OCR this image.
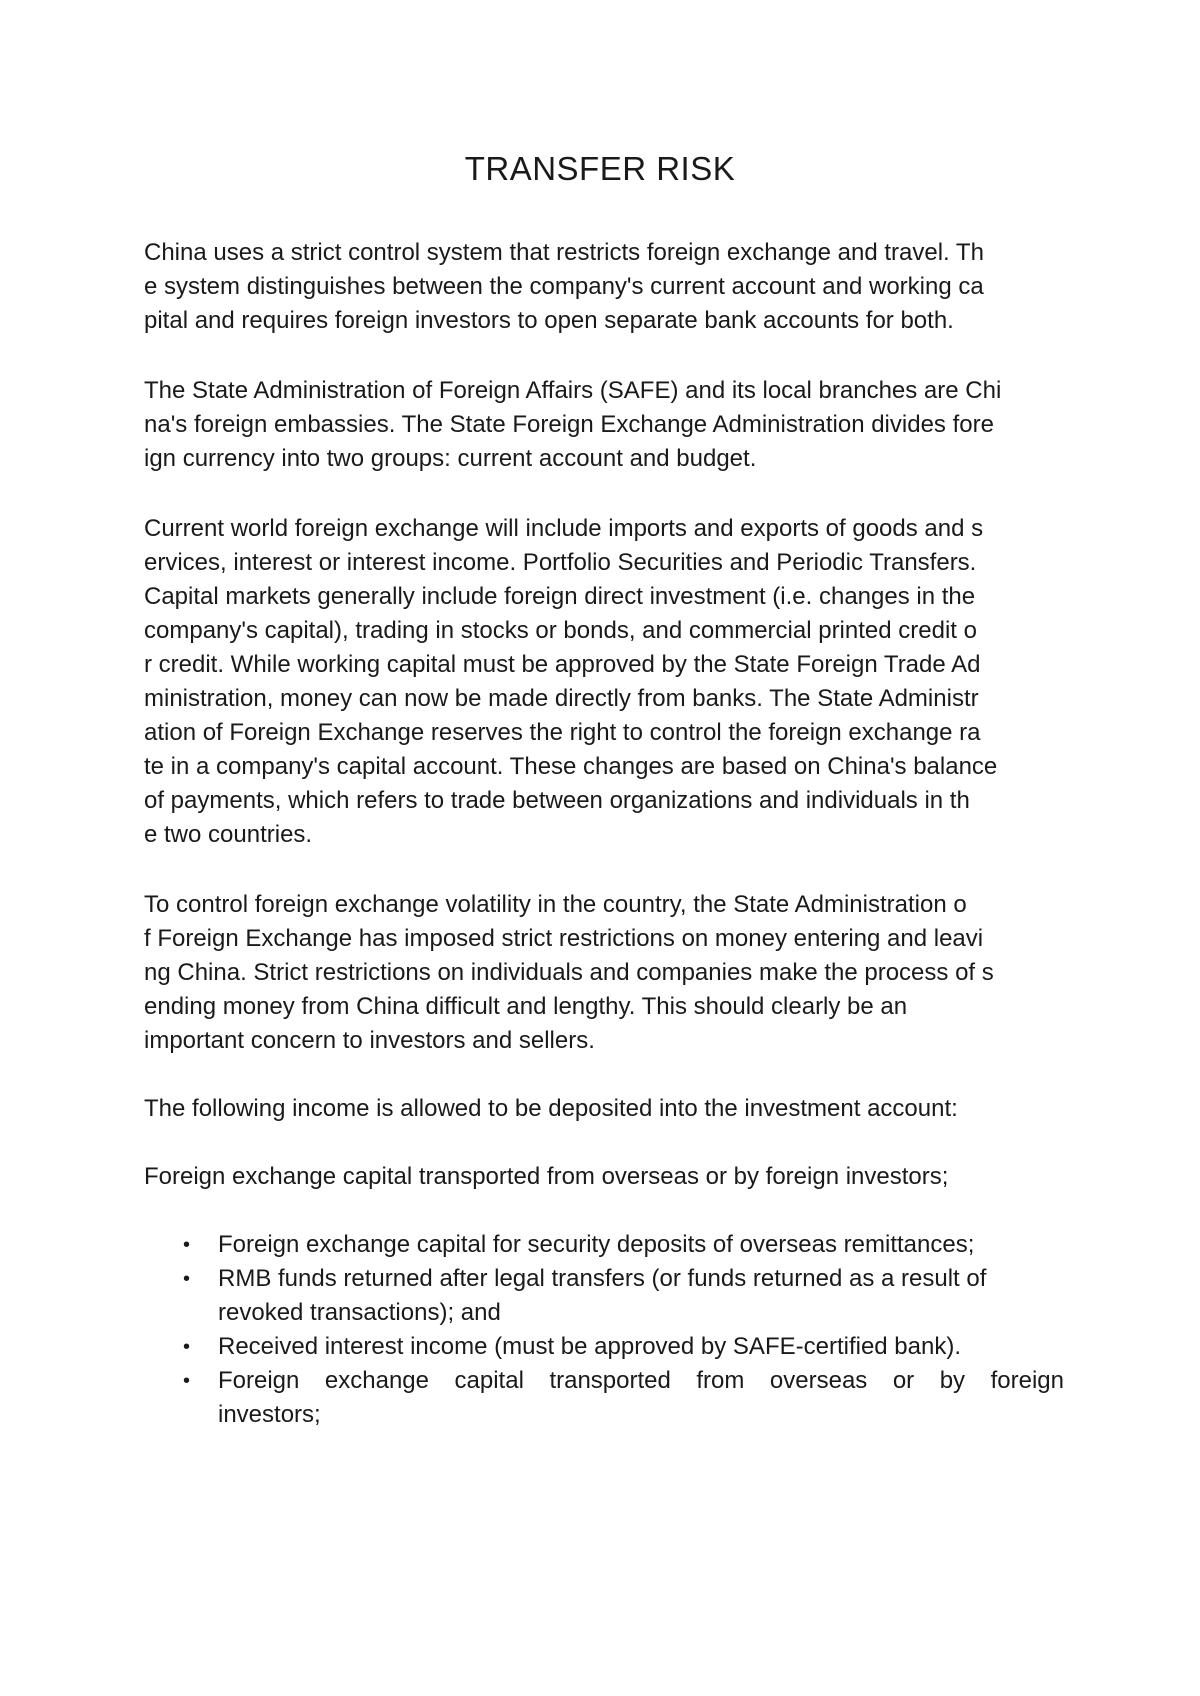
TRANSFER RISK

China uses a strict control system that restricts foreign exchange and travel. Th

e system distinguishes between the company's current account and working ca

pital and requires foreign investors to open separate bank accounts for both.

The State Administration of Foreign Affairs (SAFE) and its local branches are Chi

na's foreign embassies. The State Foreign Exchange Administration divides fore

ign currency into two groups: current account and budget.

Current world foreign exchange will include imports and exports of goods and s

ervices, interest or interest income. Portfolio Securities and Periodic Transfers.

Capital markets generally include foreign direct investment (i.e. changes in the

company's capital), trading in stocks or bonds, and commercial printed credit o

r credit. While working capital must be approved by the State Foreign Trade Ad

ministration, money can now be made directly from banks. The State Administr

ation of Foreign Exchange reserves the right to control the foreign exchange ra

te in a company's capital account. These changes are based on China's balance

of payments, which refers to trade between organizations and individuals in th

e two countries.

To control foreign exchange volatility in the country, the State Administration o

f Foreign Exchange has imposed strict restrictions on money entering and leavi

ng China. Strict restrictions on individuals and companies make the process of s

ending money from China difficult and lengthy. This should clearly be an

important concern to investors and sellers.

The following income is allowed to be deposited into the investment account:

Foreign exchange capital transported from overseas or by foreign investors;

• Foreign exchange capital for security deposits of overseas remittances;

• RMB funds returned after legal transfers (or funds returned as a result of

revoked transactions); and

• Received interest income (must be approved by SAFE-certified bank).

• Foreign exchange capital transported from overseas or by foreign

investors;
